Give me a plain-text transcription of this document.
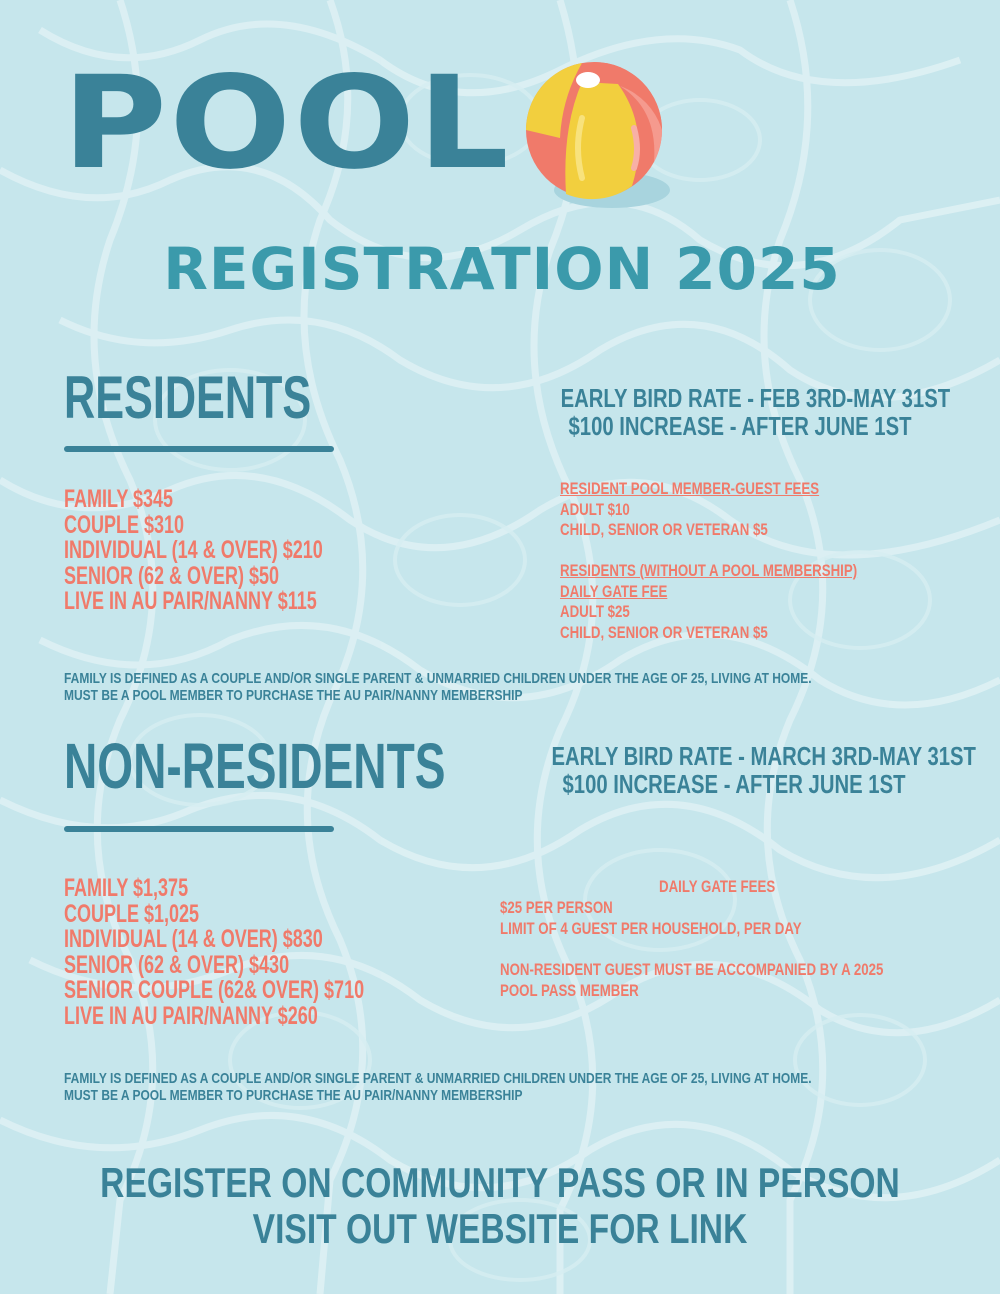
POOL
REGISTRATION 2025
RESIDENTS	EARLY BIRD RATE - FEB 3RD-MAY 31ST
$100 INCREASE - AFTER JUNE 1ST
FAMILY $345
COUPLE $310
INDIVIDUAL (14 & OVER) $210
SENIOR (62 & OVER) $50
LIVE IN AU PAIR/NANNY $115
RESIDENT POOL MEMBER-GUEST FEES
ADULT $10
CHILD, SENIOR OR VETERAN $5
RESIDENTS (WITHOUT A POOL MEMBERSHIP)
DAILY GATE FEE
ADULT $25
CHILD, SENIOR OR VETERAN $5
FAMILY IS DEFINED AS A COUPLE AND/OR SINGLE PARENT & UNMARRIED CHILDREN UNDER THE AGE OF 25, LIVING AT HOME.
MUST BE A POOL MEMBER TO PURCHASE THE AU PAIR/NANNY MEMBERSHIP
NON-RESIDENTS	EARLY BIRD RATE - MARCH 3RD-MAY 31ST
$100 INCREASE - AFTER JUNE 1ST
FAMILY $1,375
COUPLE $1,025
INDIVIDUAL (14 & OVER) $830
SENIOR (62 & OVER) $430
SENIOR COUPLE (62& OVER) $710
LIVE IN AU PAIR/NANNY $260
DAILY GATE FEES
$25 PER PERSON
LIMIT OF 4 GUEST PER HOUSEHOLD, PER DAY
NON-RESIDENT GUEST MUST BE ACCOMPANIED BY A 2025
POOL PASS MEMBER
FAMILY IS DEFINED AS A COUPLE AND/OR SINGLE PARENT & UNMARRIED CHILDREN UNDER THE AGE OF 25, LIVING AT HOME.
MUST BE A POOL MEMBER TO PURCHASE THE AU PAIR/NANNY MEMBERSHIP
REGISTER ON COMMUNITY PASS OR IN PERSON
VISIT OUT WEBSITE FOR LINK
